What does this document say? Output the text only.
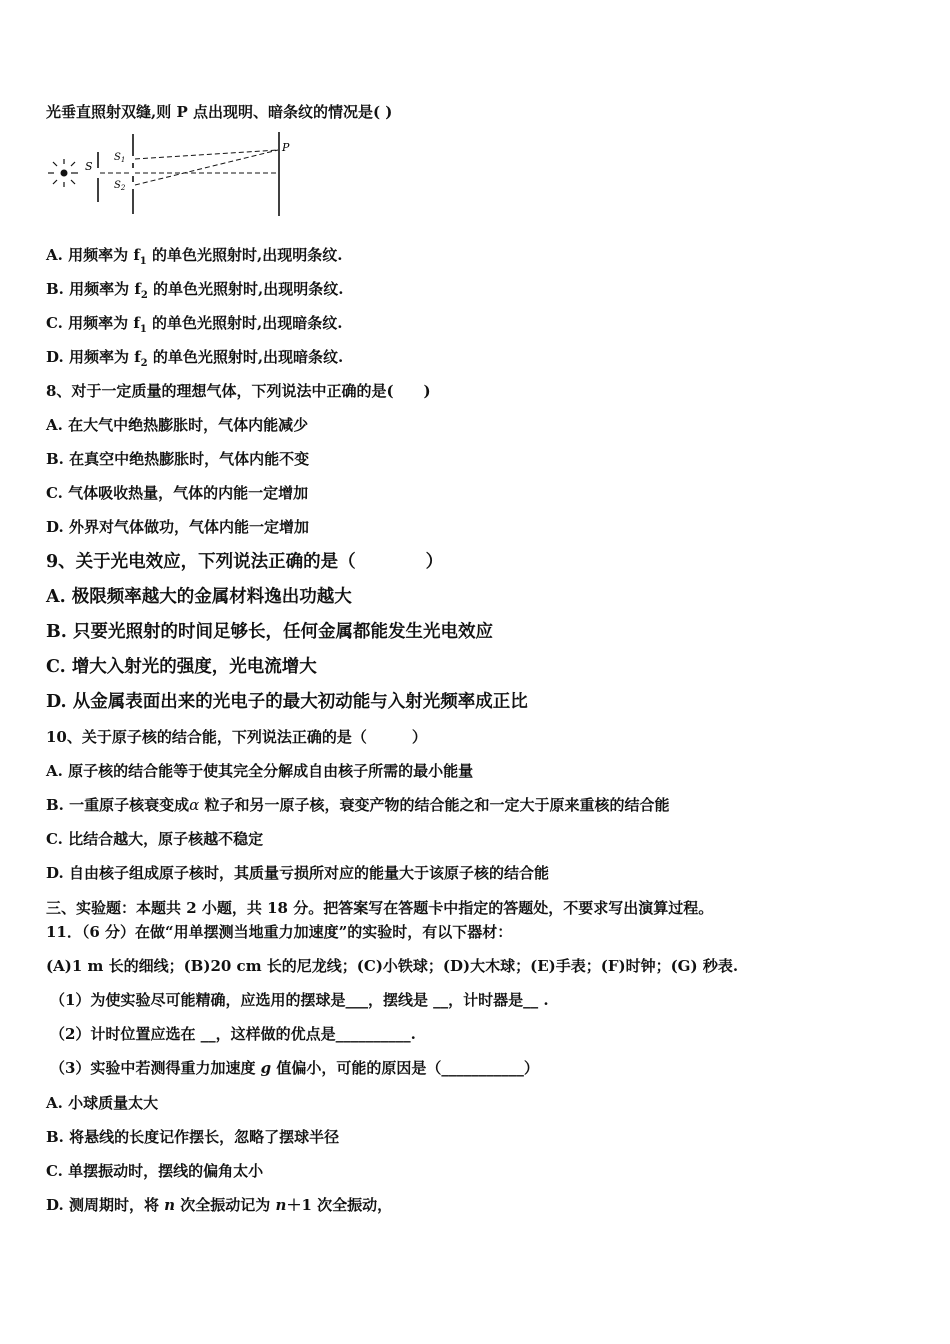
光垂直照射双缝,则 P 点出现明、暗条纹的情况是( )
S
$S_1$
$S_2$
P
A. 用频率为 $f_1$ 的单色光照射时,出现明条纹.
B. 用频率为 $f_2$ 的单色光照射时,出现明条纹.
C. 用频率为 $f_1$ 的单色光照射时,出现暗条纹.
D. 用频率为 $f_2$ 的单色光照射时,出现暗条纹.
8、对于一定质量的理想气体，下列说法中正确的是(　　)
A. 在大气中绝热膨胀时，气体内能减少
B. 在真空中绝热膨胀时，气体内能不变
C. 气体吸收热量，气体的内能一定增加
D. 外界对气体做功，气体内能一定增加
9、关于光电效应，下列说法正确的是（　　　　）
A. 极限频率越大的金属材料逸出功越大
B. 只要光照射的时间足够长，任何金属都能发生光电效应
C. 增大入射光的强度，光电流增大
D. 从金属表面出来的光电子的最大初动能与入射光频率成正比
10、关于原子核的结合能，下列说法正确的是（　　　）
A. 原子核的结合能等于使其完全分解成自由核子所需的最小能量
B. 一重原子核衰变成α 粒子和另一原子核，衰变产物的结合能之和一定大于原来重核的结合能
C. 比结合越大，原子核越不稳定
D. 自由核子组成原子核时，其质量亏损所对应的能量大于该原子核的结合能
三、实验题：本题共 2 小题，共 18 分。把答案写在答题卡中指定的答题处，不要求写出演算过程。
11．（6 分）在做“用单摆测当地重力加速度”的实验时，有以下器材：
(A)1 m 长的细线；(B)20 cm 长的尼龙线；(C)小铁球；(D)大木球；(E)手表；(F)时钟；(G) 秒表.
（1）为使实验尽可能精确，应选用的摆球是___，摆线是 __，计时器是__ .
（2）计时位置应选在 __，这样做的优点是__________.
（3）实验中若测得重力加速度 g 值偏小，可能的原因是（___________）
A. 小球质量太大
B. 将悬线的长度记作摆长，忽略了摆球半径
C. 单摆振动时，摆线的偏角太小
D. 测周期时，将 n 次全振动记为 n＋1 次全振动，
